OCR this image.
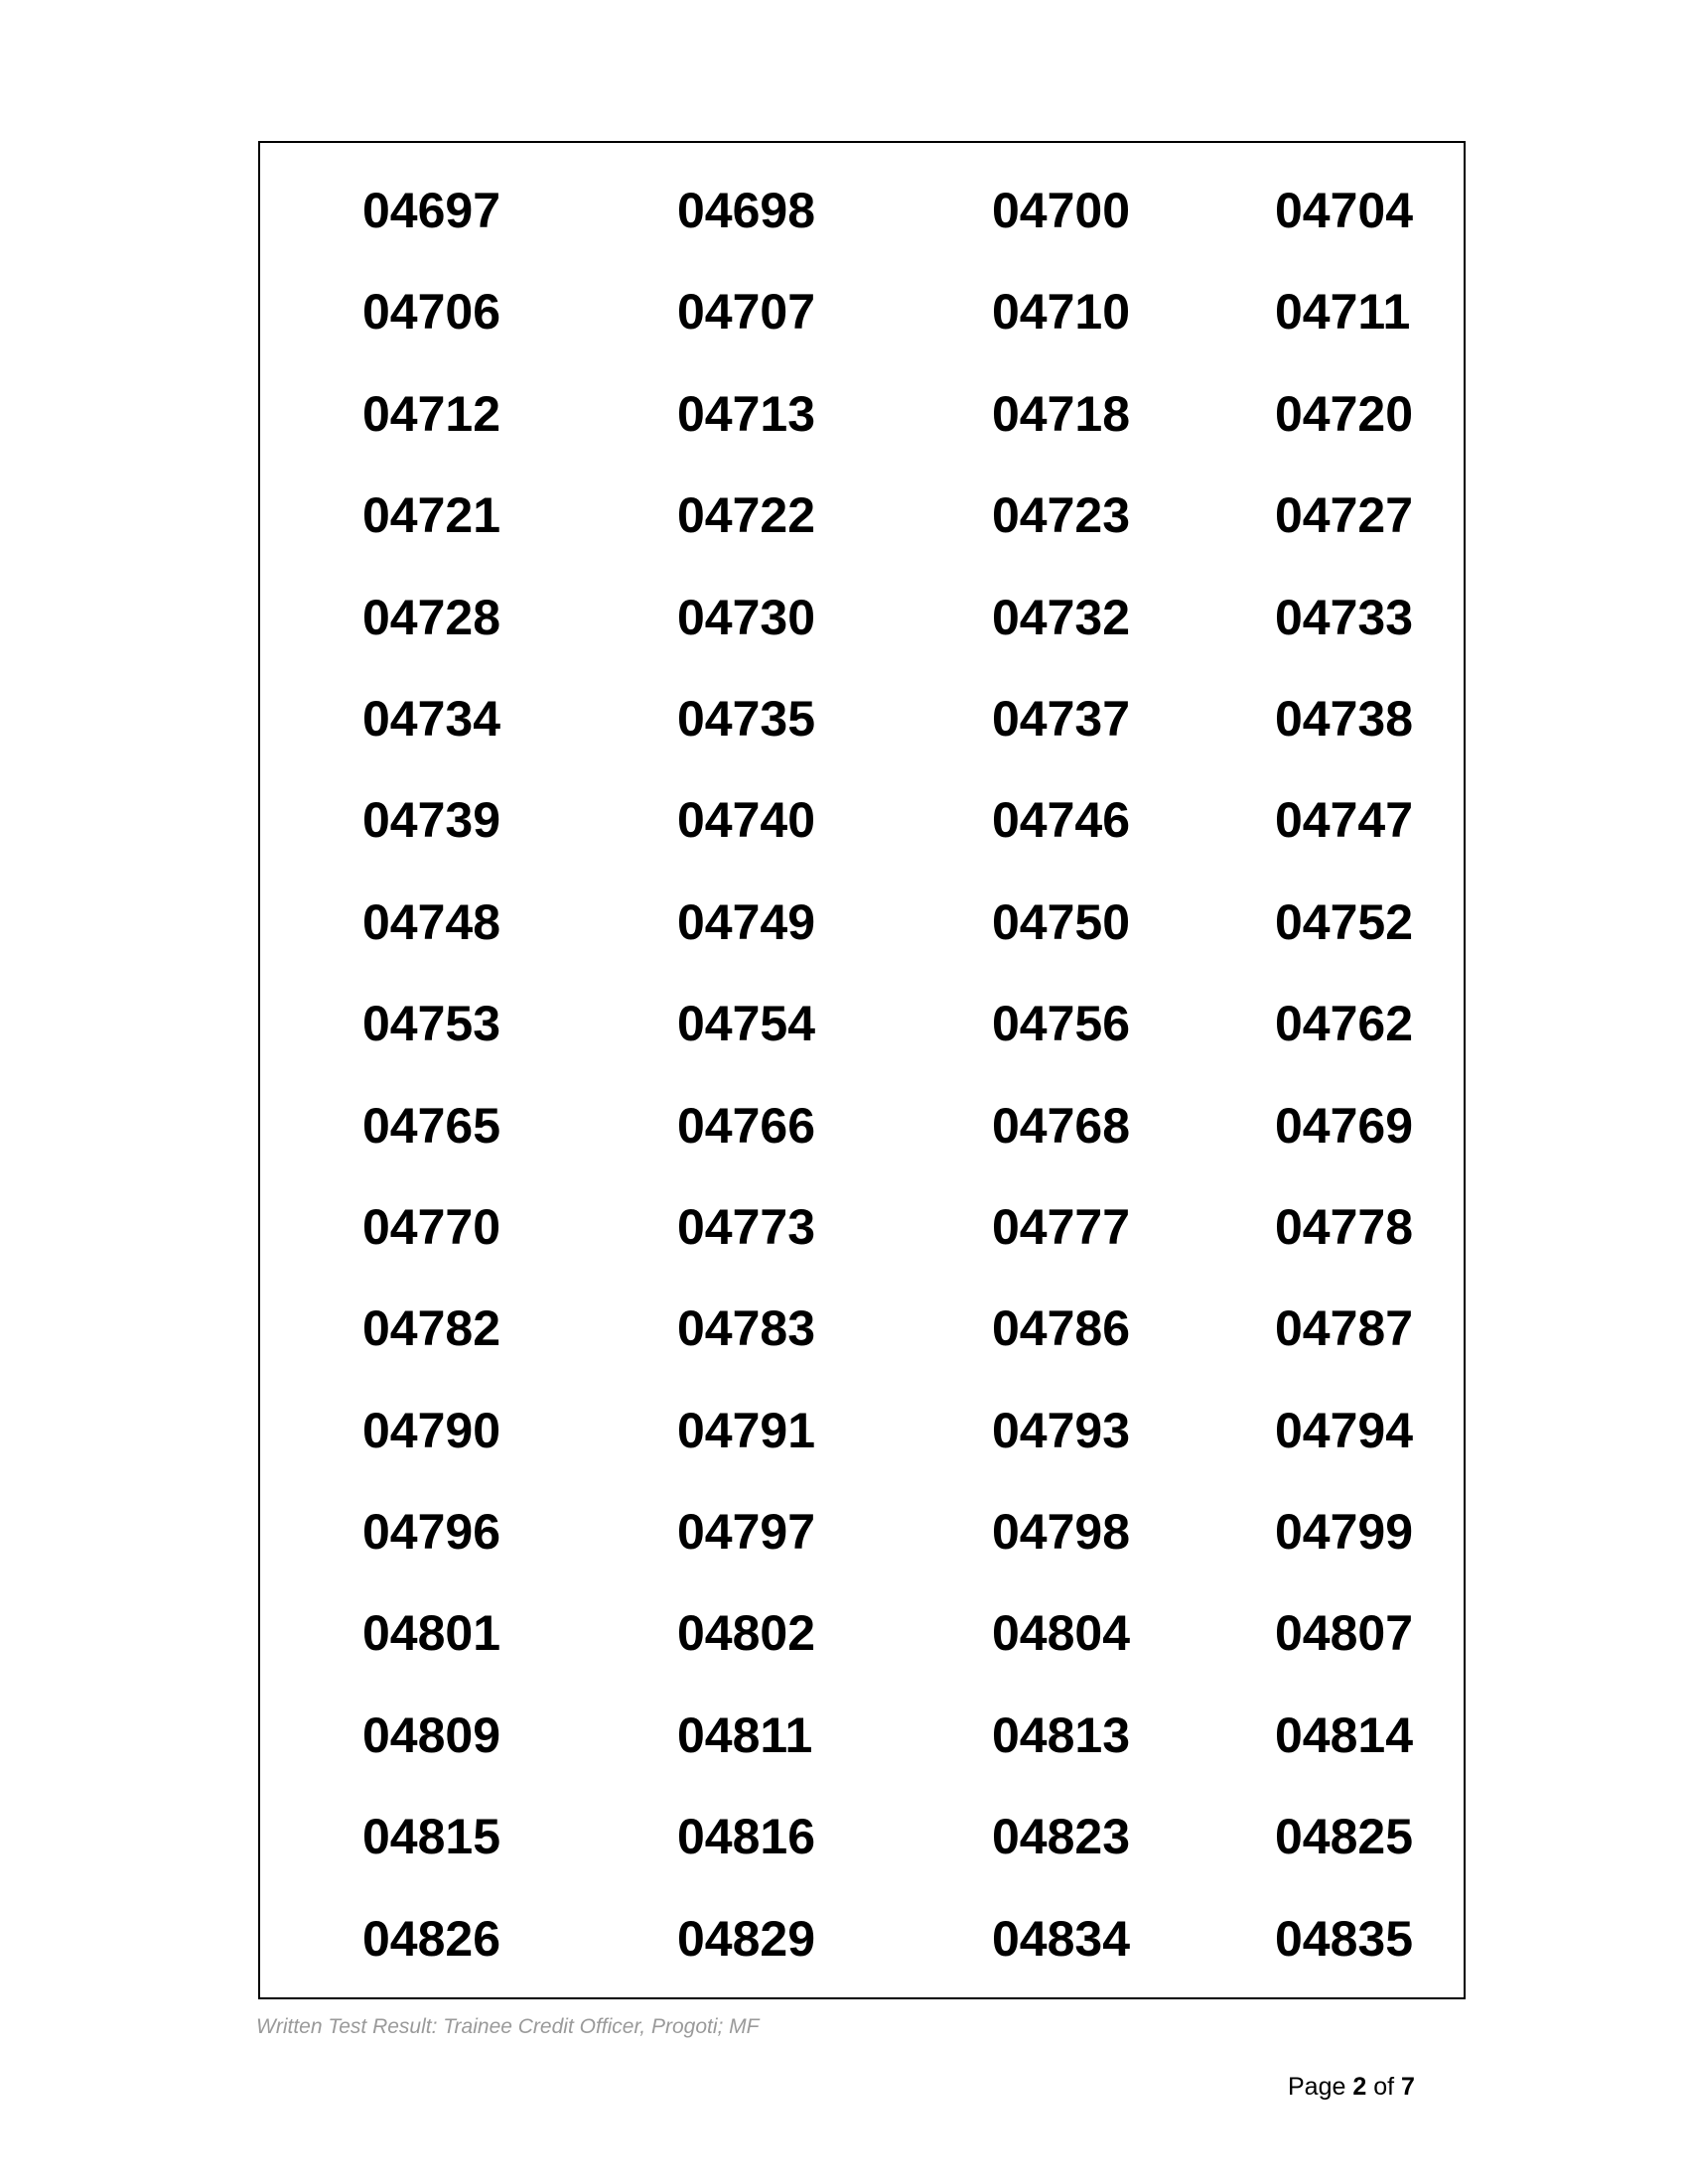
04697	04698	04700	04704
04706	04707	04710	04711
04712	04713	04718	04720
04721	04722	04723	04727
04728	04730	04732	04733
04734	04735	04737	04738
04739	04740	04746	04747
04748	04749	04750	04752
04753	04754	04756	04762
04765	04766	04768	04769
04770	04773	04777	04778
04782	04783	04786	04787
04790	04791	04793	04794
04796	04797	04798	04799
04801	04802	04804	04807
04809	04811	04813	04814
04815	04816	04823	04825
04826	04829	04834	04835
Written Test Result: Trainee Credit Officer, Progoti; MF
Page 2 of 7
